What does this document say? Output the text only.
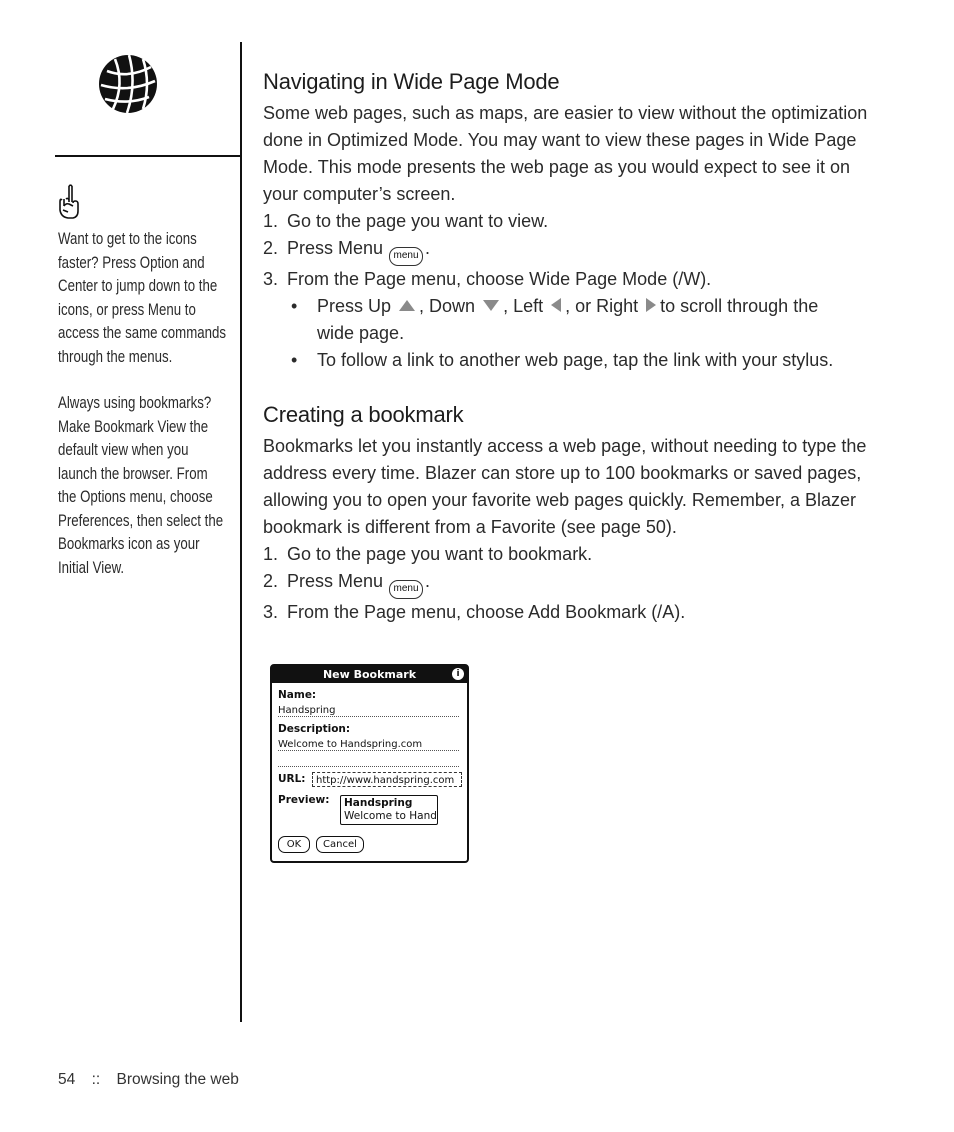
Want to get to the icons
faster? Press Option and
Center to jump down to the
icons, or press Menu to
access the same commands
through the menus.
Always using bookmarks?
Make Bookmark View the
default view when you
launch the browser. From
the Options menu, choose
Preferences, then select the
Bookmarks icon as your
Initial View.
Navigating in Wide Page Mode

Some web pages, such as maps, are easier to view without the optimization
done in Optimized Mode. You may want to view these pages in Wide Page
Mode. This mode presents the web page as you would expect to see it on
your computer’s screen.

1. Go to the page you want to view.
2. Press Menu menu .
3. From the Page menu, choose Wide Page Mode (/W).
• Press Up , Down , Left , or Right to scroll through the
wide page.
• To follow a link to another web page, tap the link with your stylus.
Creating a bookmark

Bookmarks let you instantly access a web page, without needing to type the
address every time. Blazer can store up to 100 bookmarks or saved pages,
allowing you to open your favorite web pages quickly. Remember, a Blazer
bookmark is different from a Favorite (see page 50).

1. Go to the page you want to bookmark.
2. Press Menu menu .
3. From the Page menu, choose Add Bookmark (/A).
New Bookmark	i
Name:
Handspring
Description:
Welcome to Handspring.com
URL:	http://www.handspring.com
Preview: Handspring
Welcome to Hand
OK	Cancel
54 :: Browsing the web
